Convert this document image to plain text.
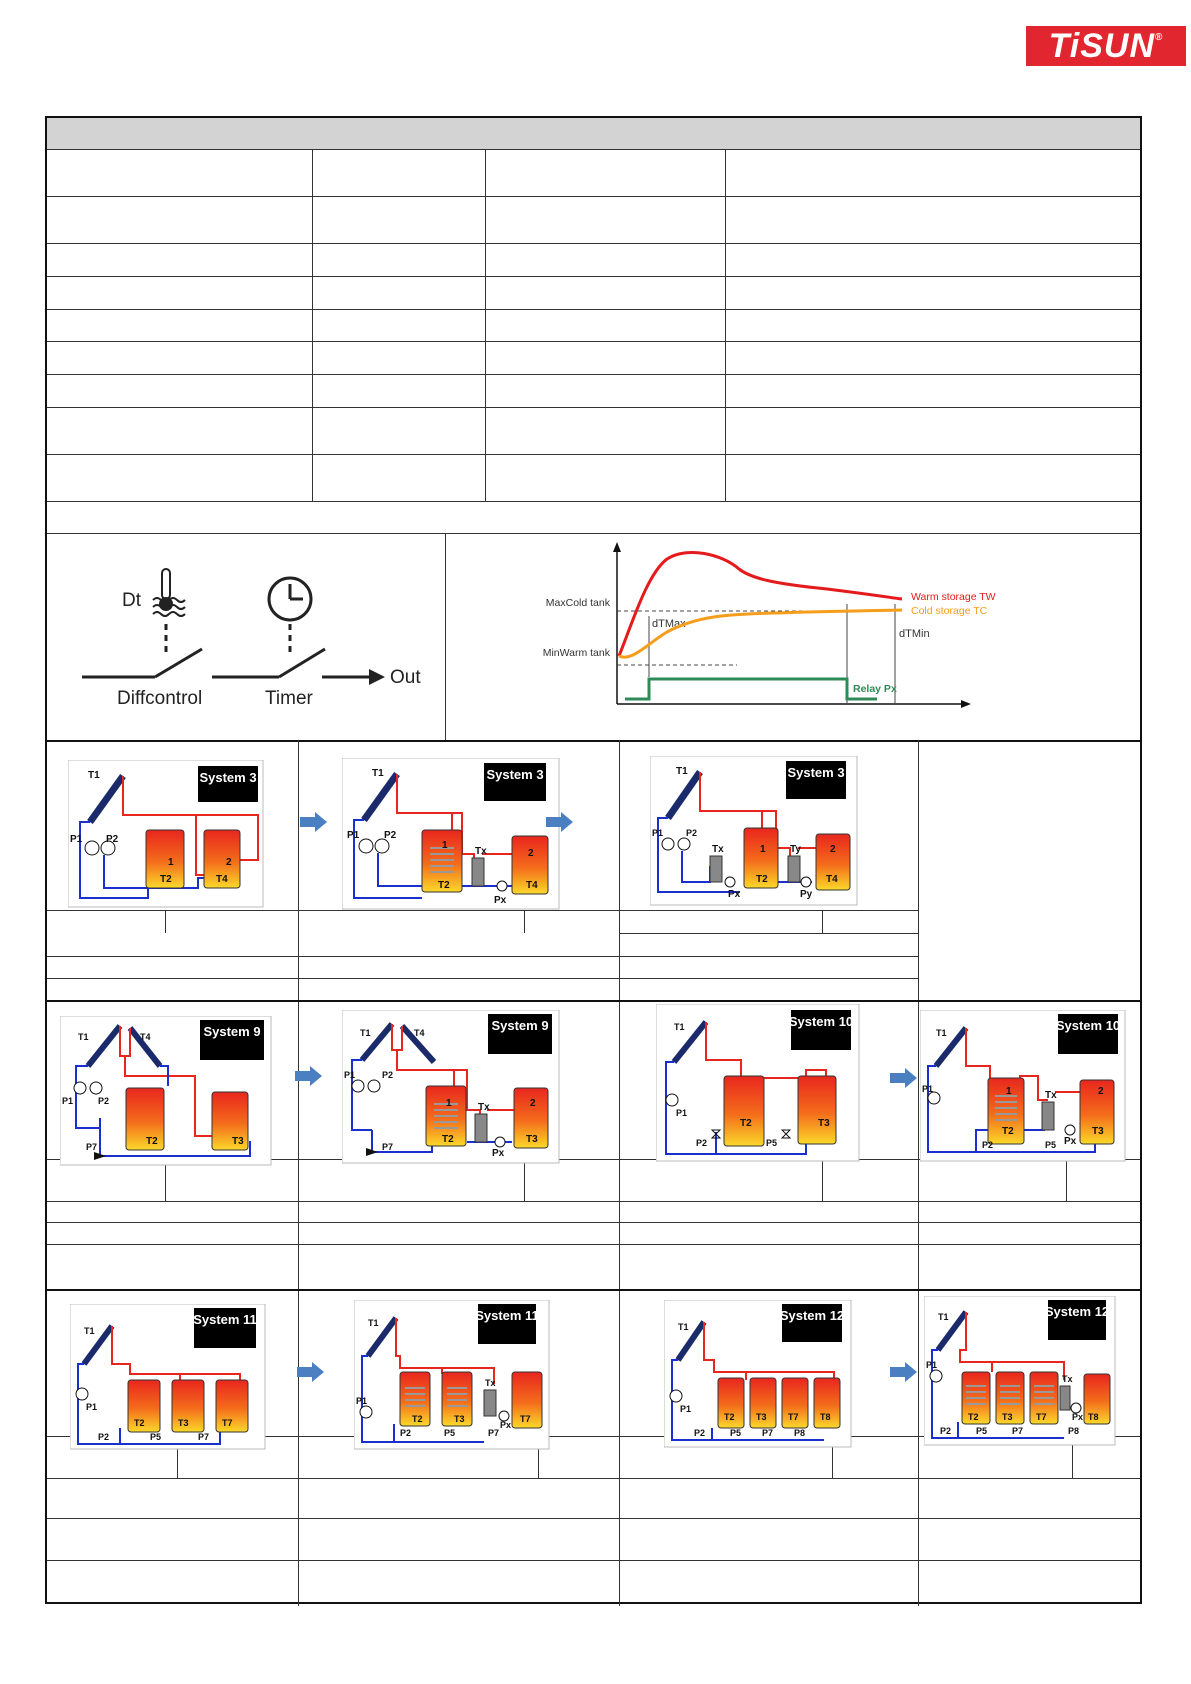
TiSUN®
Dt
Out
Diffcontrol	Timer
MaxCold tank
MinWarm tank
dTMax
dTMin
Warm storage TW
Cold storage TC
Relay Px
System 3
T1
P1 P2
1	2
T2	T4
System 3
T1
P1 P2
1
2
T2	T4
Tx
Px
System 3
T1
P1	P2
1	2
T2	T4
Tx
Px
Ty
Py
System 9
T1	T4
P1	P2
P7	T2	T3
System 9
T1	T4
P1	P2
P7
1	2
T2	T3
Tx
Px
System 10
T1
P1
P2	P5
T2	T3
System 10
T1
P1
P2	P5
1	2
T2	T3
Tx
Px
System 11
T1
P1
P2	P5	P7
T2	T3	T7
System 11
T1
P1
P2	P5	P7
T2	T3	T7
Tx
Px
System 12
T1
P1
P2	P5 P7 P8
T2 T3 T7 T8
System 12
T1
P1
P2	P5	P7	P8
T2	T3	T7	T8
Tx
Px
